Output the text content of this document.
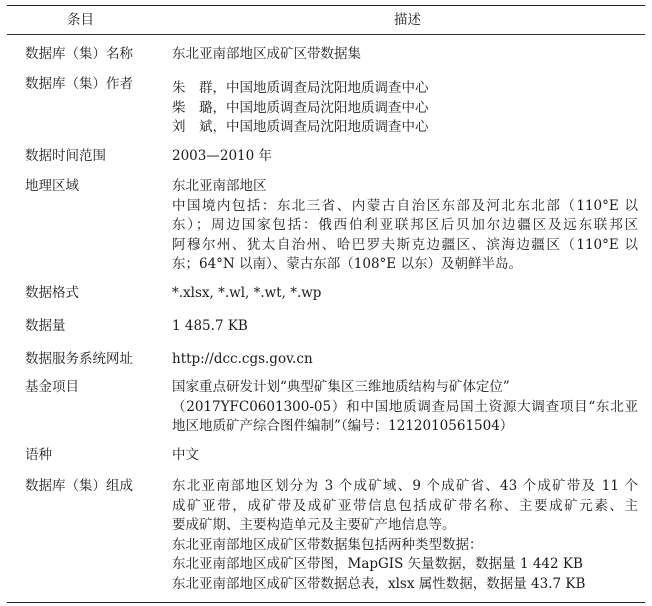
条目	描述
数据库（集）名称	东北亚南部地区成矿区带数据集
数据库（集）作者	朱　群，中国地质调查局沈阳地质调查中心
柴　璐，中国地质调查局沈阳地质调查中心
刘　斌，中国地质调查局沈阳地质调查中心
数据时间范围	2003—2010 年
地理区域	东北亚南部地区
中国境内包括：东北三省、内蒙古自治区东部及河北东北部（110°E 以
东）；周边国家包括：俄西伯利亚联邦区后贝加尔边疆区及远东联邦区
阿穆尔州、犹太自治州、哈巴罗夫斯克边疆区、滨海边疆区（110°E 以
东；64°N 以南）、蒙古东部（108°E 以东）及朝鲜半岛。
数据格式	*.xlsx, *.wl, *.wt, *.wp
数据量	1 485.7 KB
数据服务系统网址	http://dcc.cgs.gov.cn
基金项目	国家重点研发计划“典型矿集区三维地质结构与矿体定位”
（2017YFC0601300-05）和中国地质调查局国土资源大调查项目“东北亚
地区地质矿产综合图件编制”（编号：1212010561504）
语种	中文
数据库（集）组成	东北亚南部地区划分为 3 个成矿域、9 个成矿省、43 个成矿带及 11 个
成矿亚带，成矿带及成矿亚带信息包括成矿带名称、主要成矿元素、主
要成矿期、主要构造单元及主要矿产地信息等。
东北亚南部地区成矿区带数据集包括两种类型数据：
东北亚南部地区成矿区带图，MapGIS 矢量数据，数据量 1 442 KB
东北亚南部地区成矿区带数据总表，xlsx 属性数据，数据量 43.7 KB
